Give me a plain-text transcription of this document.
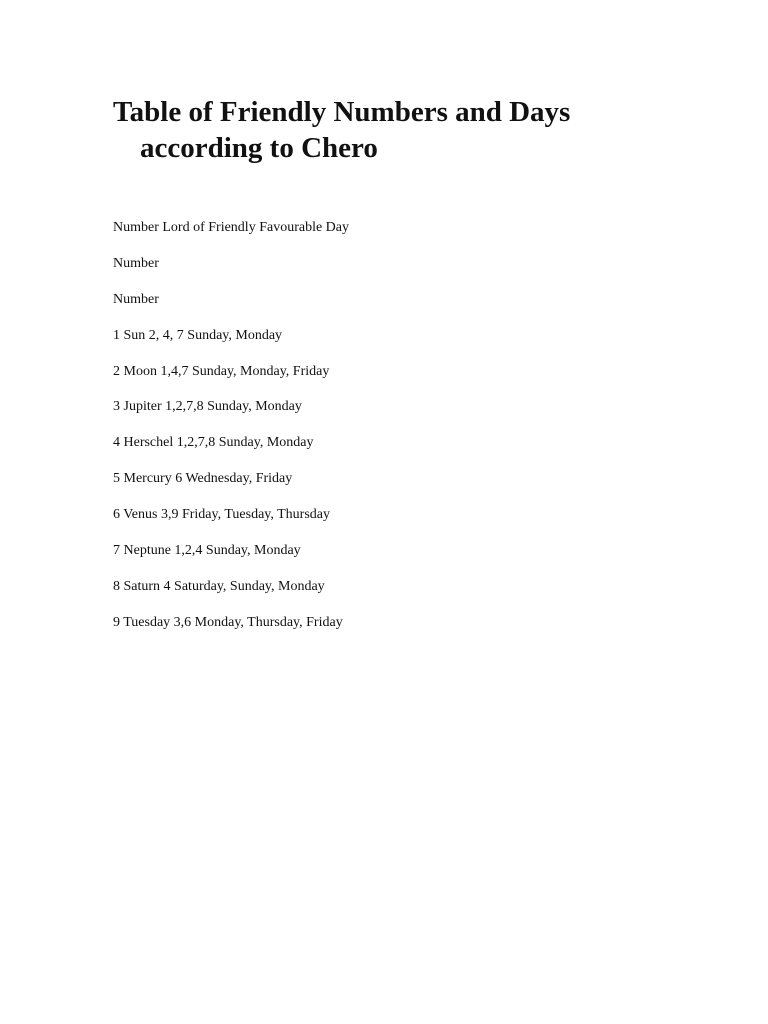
Table of Friendly Numbers and Days
according to Chero
Number Lord of Friendly Favourable Day
Number
Number
1 Sun 2, 4, 7 Sunday, Monday
2 Moon 1,4,7 Sunday, Monday, Friday
3 Jupiter 1,2,7,8 Sunday, Monday
4 Herschel 1,2,7,8 Sunday, Monday
5 Mercury 6 Wednesday, Friday
6 Venus 3,9 Friday, Tuesday, Thursday
7 Neptune 1,2,4 Sunday, Monday
8 Saturn 4 Saturday, Sunday, Monday
9 Tuesday 3,6 Monday, Thursday, Friday
